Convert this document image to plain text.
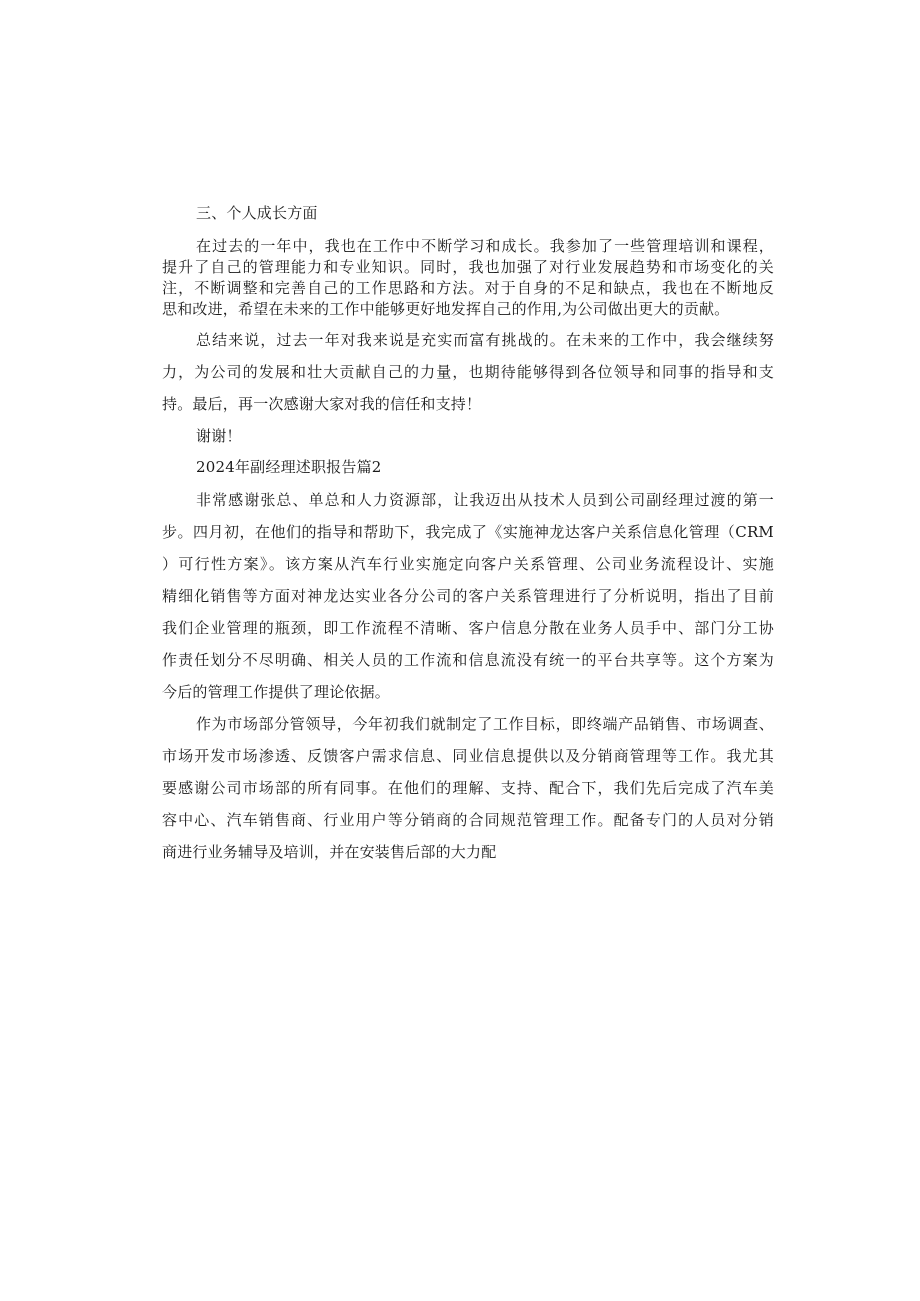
三、个人成长方面
在过去的一年中，我也在工作中不断学习和成长。我参加了一些管理培训和课程，
提升了自己的管理能力和专业知识。同时，我也加强了对行业发展趋势和市场变化的关
注，不断调整和完善自己的工作思路和方法。对于自身的不足和缺点，我也在不断地反
思和改进，希望在未来的工作中能够更好地发挥自己的作用,为公司做出更大的贡献。
总结来说，过去一年对我来说是充实而富有挑战的。在未来的工作中，我会继续努
力，为公司的发展和壮大贡献自己的力量，也期待能够得到各位领导和同事的指导和支
持。最后，再一次感谢大家对我的信任和支持！
谢谢！
2024年副经理述职报告篇2
非常感谢张总、单总和人力资源部，让我迈出从技术人员到公司副经理过渡的第一
步。四月初，在他们的指导和帮助下，我完成了《实施神龙达客户关系信息化管理（CRM
）可行性方案》。该方案从汽车行业实施定向客户关系管理、公司业务流程设计、实施
精细化销售等方面对神龙达实业各分公司的客户关系管理进行了分析说明，指出了目前
我们企业管理的瓶颈，即工作流程不清晰、客户信息分散在业务人员手中、部门分工协
作责任划分不尽明确、相关人员的工作流和信息流没有统一的平台共享等。这个方案为
今后的管理工作提供了理论依据。
作为市场部分管领导，今年初我们就制定了工作目标，即终端产品销售、市场调查、
市场开发市场渗透、反馈客户需求信息、同业信息提供以及分销商管理等工作。我尤其
要感谢公司市场部的所有同事。在他们的理解、支持、配合下，我们先后完成了汽车美
容中心、汽车销售商、行业用户等分销商的合同规范管理工作。配备专门的人员对分销
商进行业务辅导及培训，并在安装售后部的大力配
